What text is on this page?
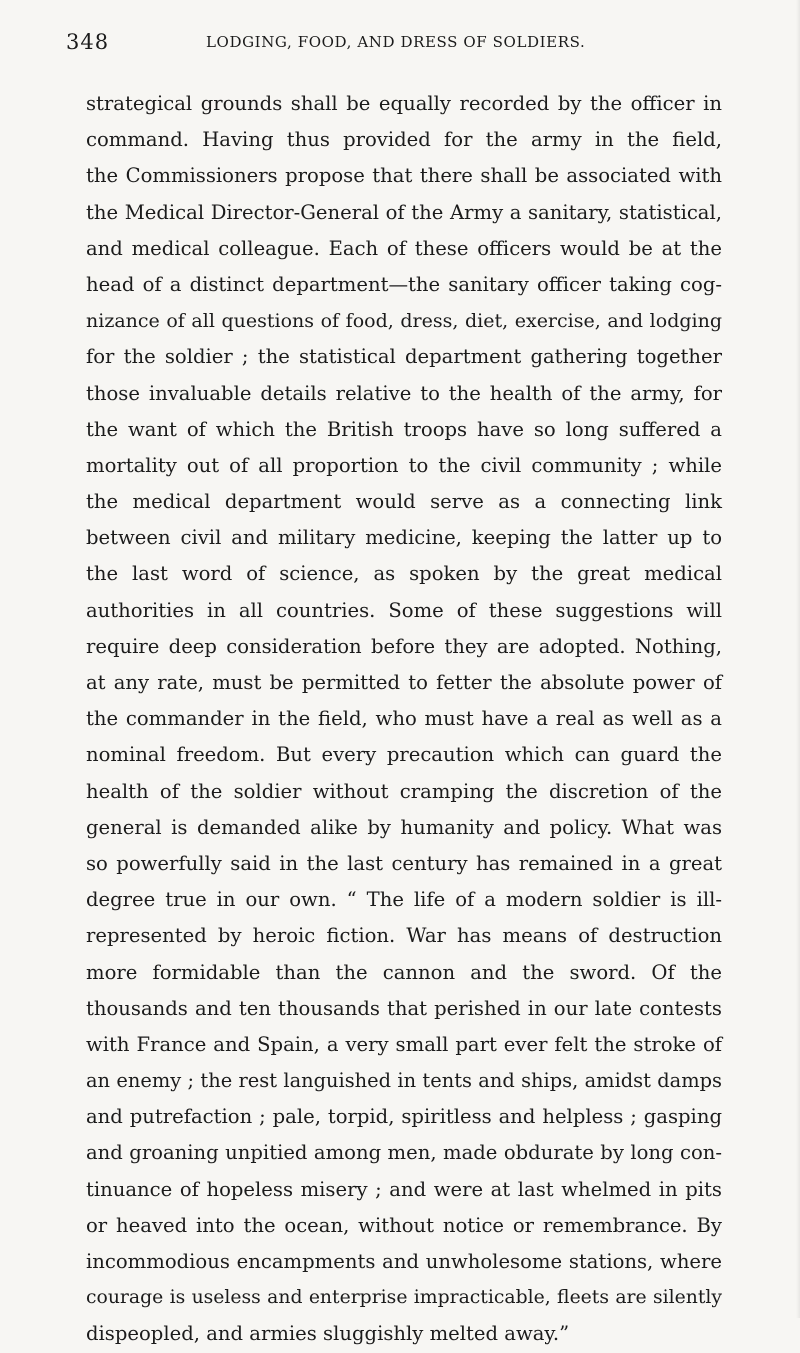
348	LODGING, FOOD, AND DRESS OF SOLDIERS.
strategical grounds shall be equally recorded by the officer in
command. Having thus provided for the army in the field,
the Commissioners propose that there shall be associated with
the Medical Director-General of the Army a sanitary, statistical,
and medical colleague. Each of these officers would be at the
head of a distinct department—the sanitary officer taking cog-
nizance of all questions of food, dress, diet, exercise, and lodging
for the soldier ; the statistical department gathering together
those invaluable details relative to the health of the army, for
the want of which the British troops have so long suffered a
mortality out of all proportion to the civil community ; while
the medical department would serve as a connecting link
between civil and military medicine, keeping the latter up to
the last word of science, as spoken by the great medical
authorities in all countries. Some of these suggestions will
require deep consideration before they are adopted. Nothing,
at any rate, must be permitted to fetter the absolute power of
the commander in the field, who must have a real as well as a
nominal freedom. But every precaution which can guard the
health of the soldier without cramping the discretion of the
general is demanded alike by humanity and policy. What was
so powerfully said in the last century has remained in a great
degree true in our own. “ The life of a modern soldier is ill-
represented by heroic fiction. War has means of destruction
more formidable than the cannon and the sword. Of the
thousands and ten thousands that perished in our late contests
with France and Spain, a very small part ever felt the stroke of
an enemy ; the rest languished in tents and ships, amidst damps
and putrefaction ; pale, torpid, spiritless and helpless ; gasping
and groaning unpitied among men, made obdurate by long con-
tinuance of hopeless misery ; and were at last whelmed in pits
or heaved into the ocean, without notice or remembrance. By
incommodious encampments and unwholesome stations, where
courage is useless and enterprise impracticable, fleets are silently
dispeopled, and armies sluggishly melted away.”
